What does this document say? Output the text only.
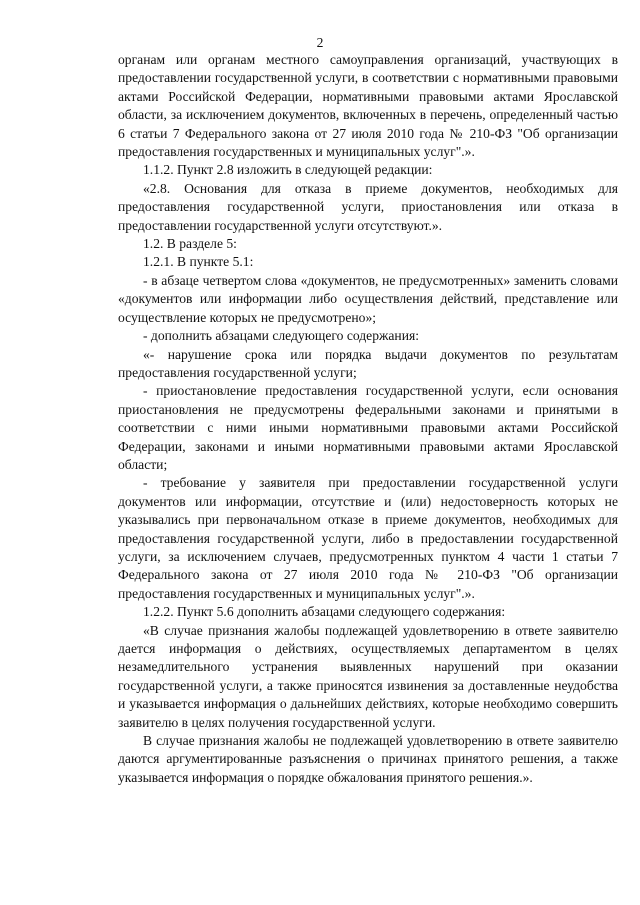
2

органам или органам местного самоуправления организаций, участвующих в предоставлении государственной услуги, в соответствии с нормативными правовыми актами Российской Федерации, нормативными правовыми актами Ярославской области, за исключением документов, включенных в перечень, определенный частью 6 статьи 7 Федерального закона от 27 июля 2010 года № 210-ФЗ "Об организации предоставления государственных и муниципальных услуг".».

1.1.2. Пункт 2.8 изложить в следующей редакции:

«2.8. Основания для отказа в приеме документов, необходимых для предоставления государственной услуги, приостановления или отказа в предоставлении государственной услуги отсутствуют.».

1.2. В разделе 5:

1.2.1. В пункте 5.1:

- в абзаце четвертом слова «документов, не предусмотренных» заменить словами «документов или информации либо осуществления действий, представление или осуществление которых не предусмотрено»;

- дополнить абзацами следующего содержания:

«- нарушение срока или порядка выдачи документов по результатам предоставления государственной услуги;

- приостановление предоставления государственной услуги, если основания приостановления не предусмотрены федеральными законами и принятыми в соответствии с ними иными нормативными правовыми актами Российской Федерации, законами и иными нормативными правовыми актами Ярославской области;

- требование у заявителя при предоставлении государственной услуги документов или информации, отсутствие и (или) недостоверность которых не указывались при первоначальном отказе в приеме документов, необходимых для предоставления государственной услуги, либо в предоставлении государственной услуги, за исключением случаев, предусмотренных пунктом 4 части 1 статьи 7 Федерального закона от 27 июля 2010 года № 210-ФЗ "Об организации предоставления государственных и муниципальных услуг".».

1.2.2. Пункт 5.6 дополнить абзацами следующего содержания:

«В случае признания жалобы подлежащей удовлетворению в ответе заявителю дается информация о действиях, осуществляемых департаментом в целях незамедлительного устранения выявленных нарушений при оказании государственной услуги, а также приносятся извинения за доставленные неудобства и указывается информация о дальнейших действиях, которые необходимо совершить заявителю в целях получения государственной услуги.

В случае признания жалобы не подлежащей удовлетворению в ответе заявителю даются аргументированные разъяснения о причинах принятого решения, а также указывается информация о порядке обжалования принятого решения.».
